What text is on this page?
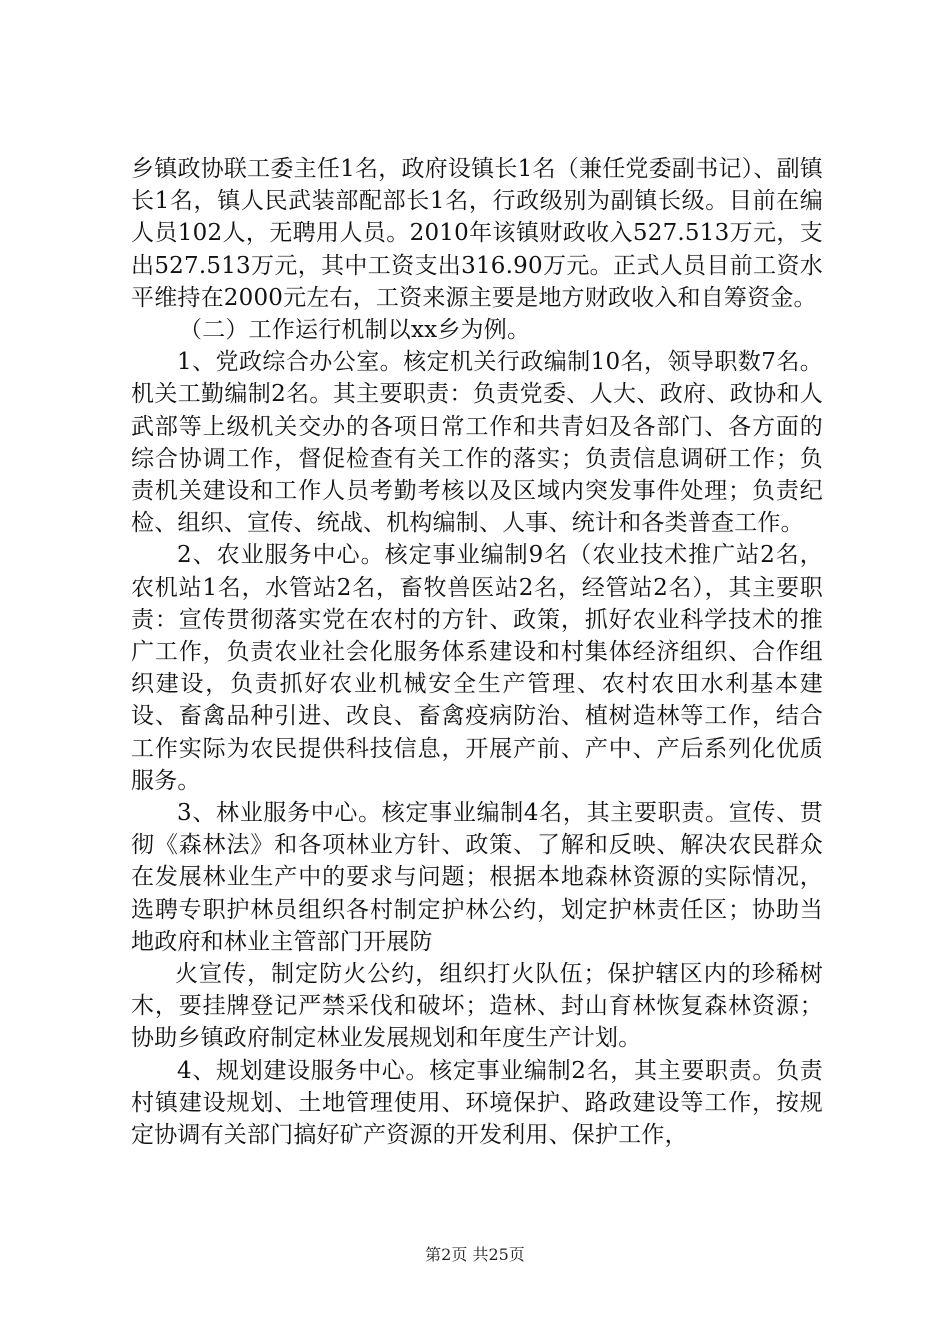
乡镇政协联工委主任1名，政府设镇长1名（兼任党委副书记）、副镇长1名，镇人民武装部配部长1名，行政级别为副镇长级。目前在编人员102人，无聘用人员。2010年该镇财政收入527.513万元，支出527.513万元，其中工资支出316.90万元。正式人员目前工资水平维持在2000元左右，工资来源主要是地方财政收入和自筹资金。

（二）工作运行机制以xx乡为例。

1、党政综合办公室。核定机关行政编制10名，领导职数7名。机关工勤编制2名。其主要职责：负责党委、人大、政府、政协和人武部等上级机关交办的各项日常工作和共青妇及各部门、各方面的综合协调工作，督促检查有关工作的落实；负责信息调研工作；负责机关建设和工作人员考勤考核以及区域内突发事件处理；负责纪检、组织、宣传、统战、机构编制、人事、统计和各类普查工作。

2、农业服务中心。核定事业编制9名（农业技术推广站2名，农机站1名，水管站2名，畜牧兽医站2名，经管站2名），其主要职责：宣传贯彻落实党在农村的方针、政策，抓好农业科学技术的推广工作，负责农业社会化服务体系建设和村集体经济组织、合作组织建设，负责抓好农业机械安全生产管理、农村农田水利基本建设、畜禽品种引进、改良、畜禽疫病防治、植树造林等工作，结合工作实际为农民提供科技信息，开展产前、产中、产后系列化优质服务。

3、林业服务中心。核定事业编制4名，其主要职责。宣传、贯彻《森林法》和各项林业方针、政策、了解和反映、解决农民群众在发展林业生产中的要求与问题；根据本地森林资源的实际情况，选聘专职护林员组织各村制定护林公约，划定护林责任区；协助当地政府和林业主管部门开展防

火宣传，制定防火公约，组织打火队伍；保护辖区内的珍稀树木，要挂牌登记严禁采伐和破坏；造林、封山育林恢复森林资源；协助乡镇政府制定林业发展规划和年度生产计划。

4、规划建设服务中心。核定事业编制2名，其主要职责。负责村镇建设规划、土地管理使用、环境保护、路政建设等工作，按规定协调有关部门搞好矿产资源的开发利用、保护工作，

第2页 共25页
